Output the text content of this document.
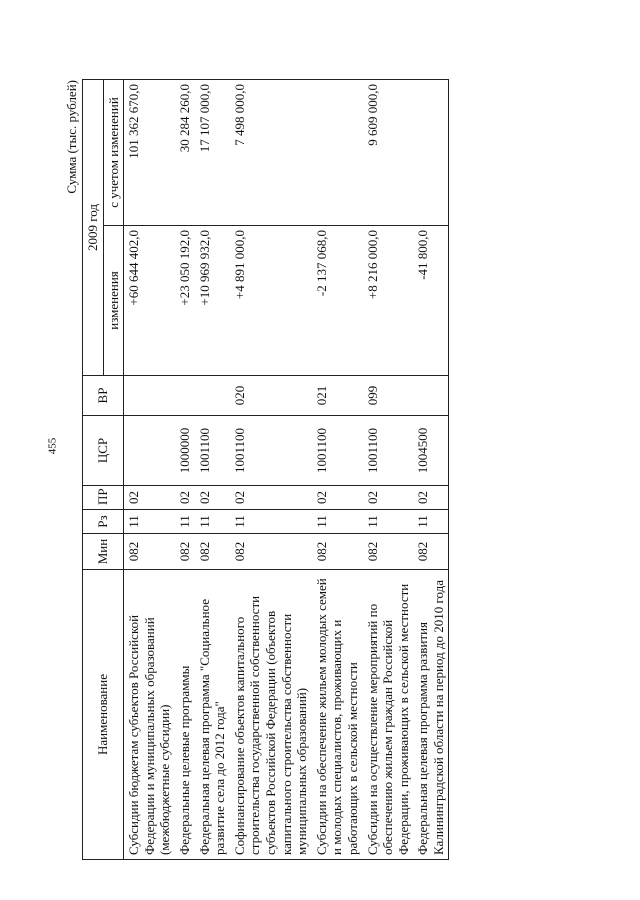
455
Сумма (тыс. рублей)
Наименование	Мин	Рз	ПР	ЦСР	ВР	2009 год	
						изменения	с учетом изменений
Субсидии бюджетам субъектов Российской Федерации и муниципальных образований (межбюджетные субсидии)	082	11	02			+60 644 402,0	101 362 670,0
Федеральные целевые программы	082	11	02	1000000		+23 050 192,0	30 284 260,0
Федеральная целевая программа "Социальное развитие села до 2012 года"	082	11	02	1001100		+10 969 932,0	17 107 000,0
Софинансирование объектов капитального строительства государственной собственности субъектов Российской Федерации (объектов капитального строительства собственности муниципальных образований)	082	11	02	1001100	020	+4 891 000,0	7 498 000,0
Субсидии на обеспечение жильем молодых семей и молодых специалистов, проживающих и работающих в сельской местности	082	11	02	1001100	021	-2 137 068,0	
Субсидии на осуществление мероприятий по обеспечению жильем граждан Российской Федерации, проживающих в сельской местности	082	11	02	1001100	099	+8 216 000,0	9 609 000,0
Федеральная целевая программа развития Калининградской области на период до 2010 года	082	11	02	1004500		-41 800,0	
